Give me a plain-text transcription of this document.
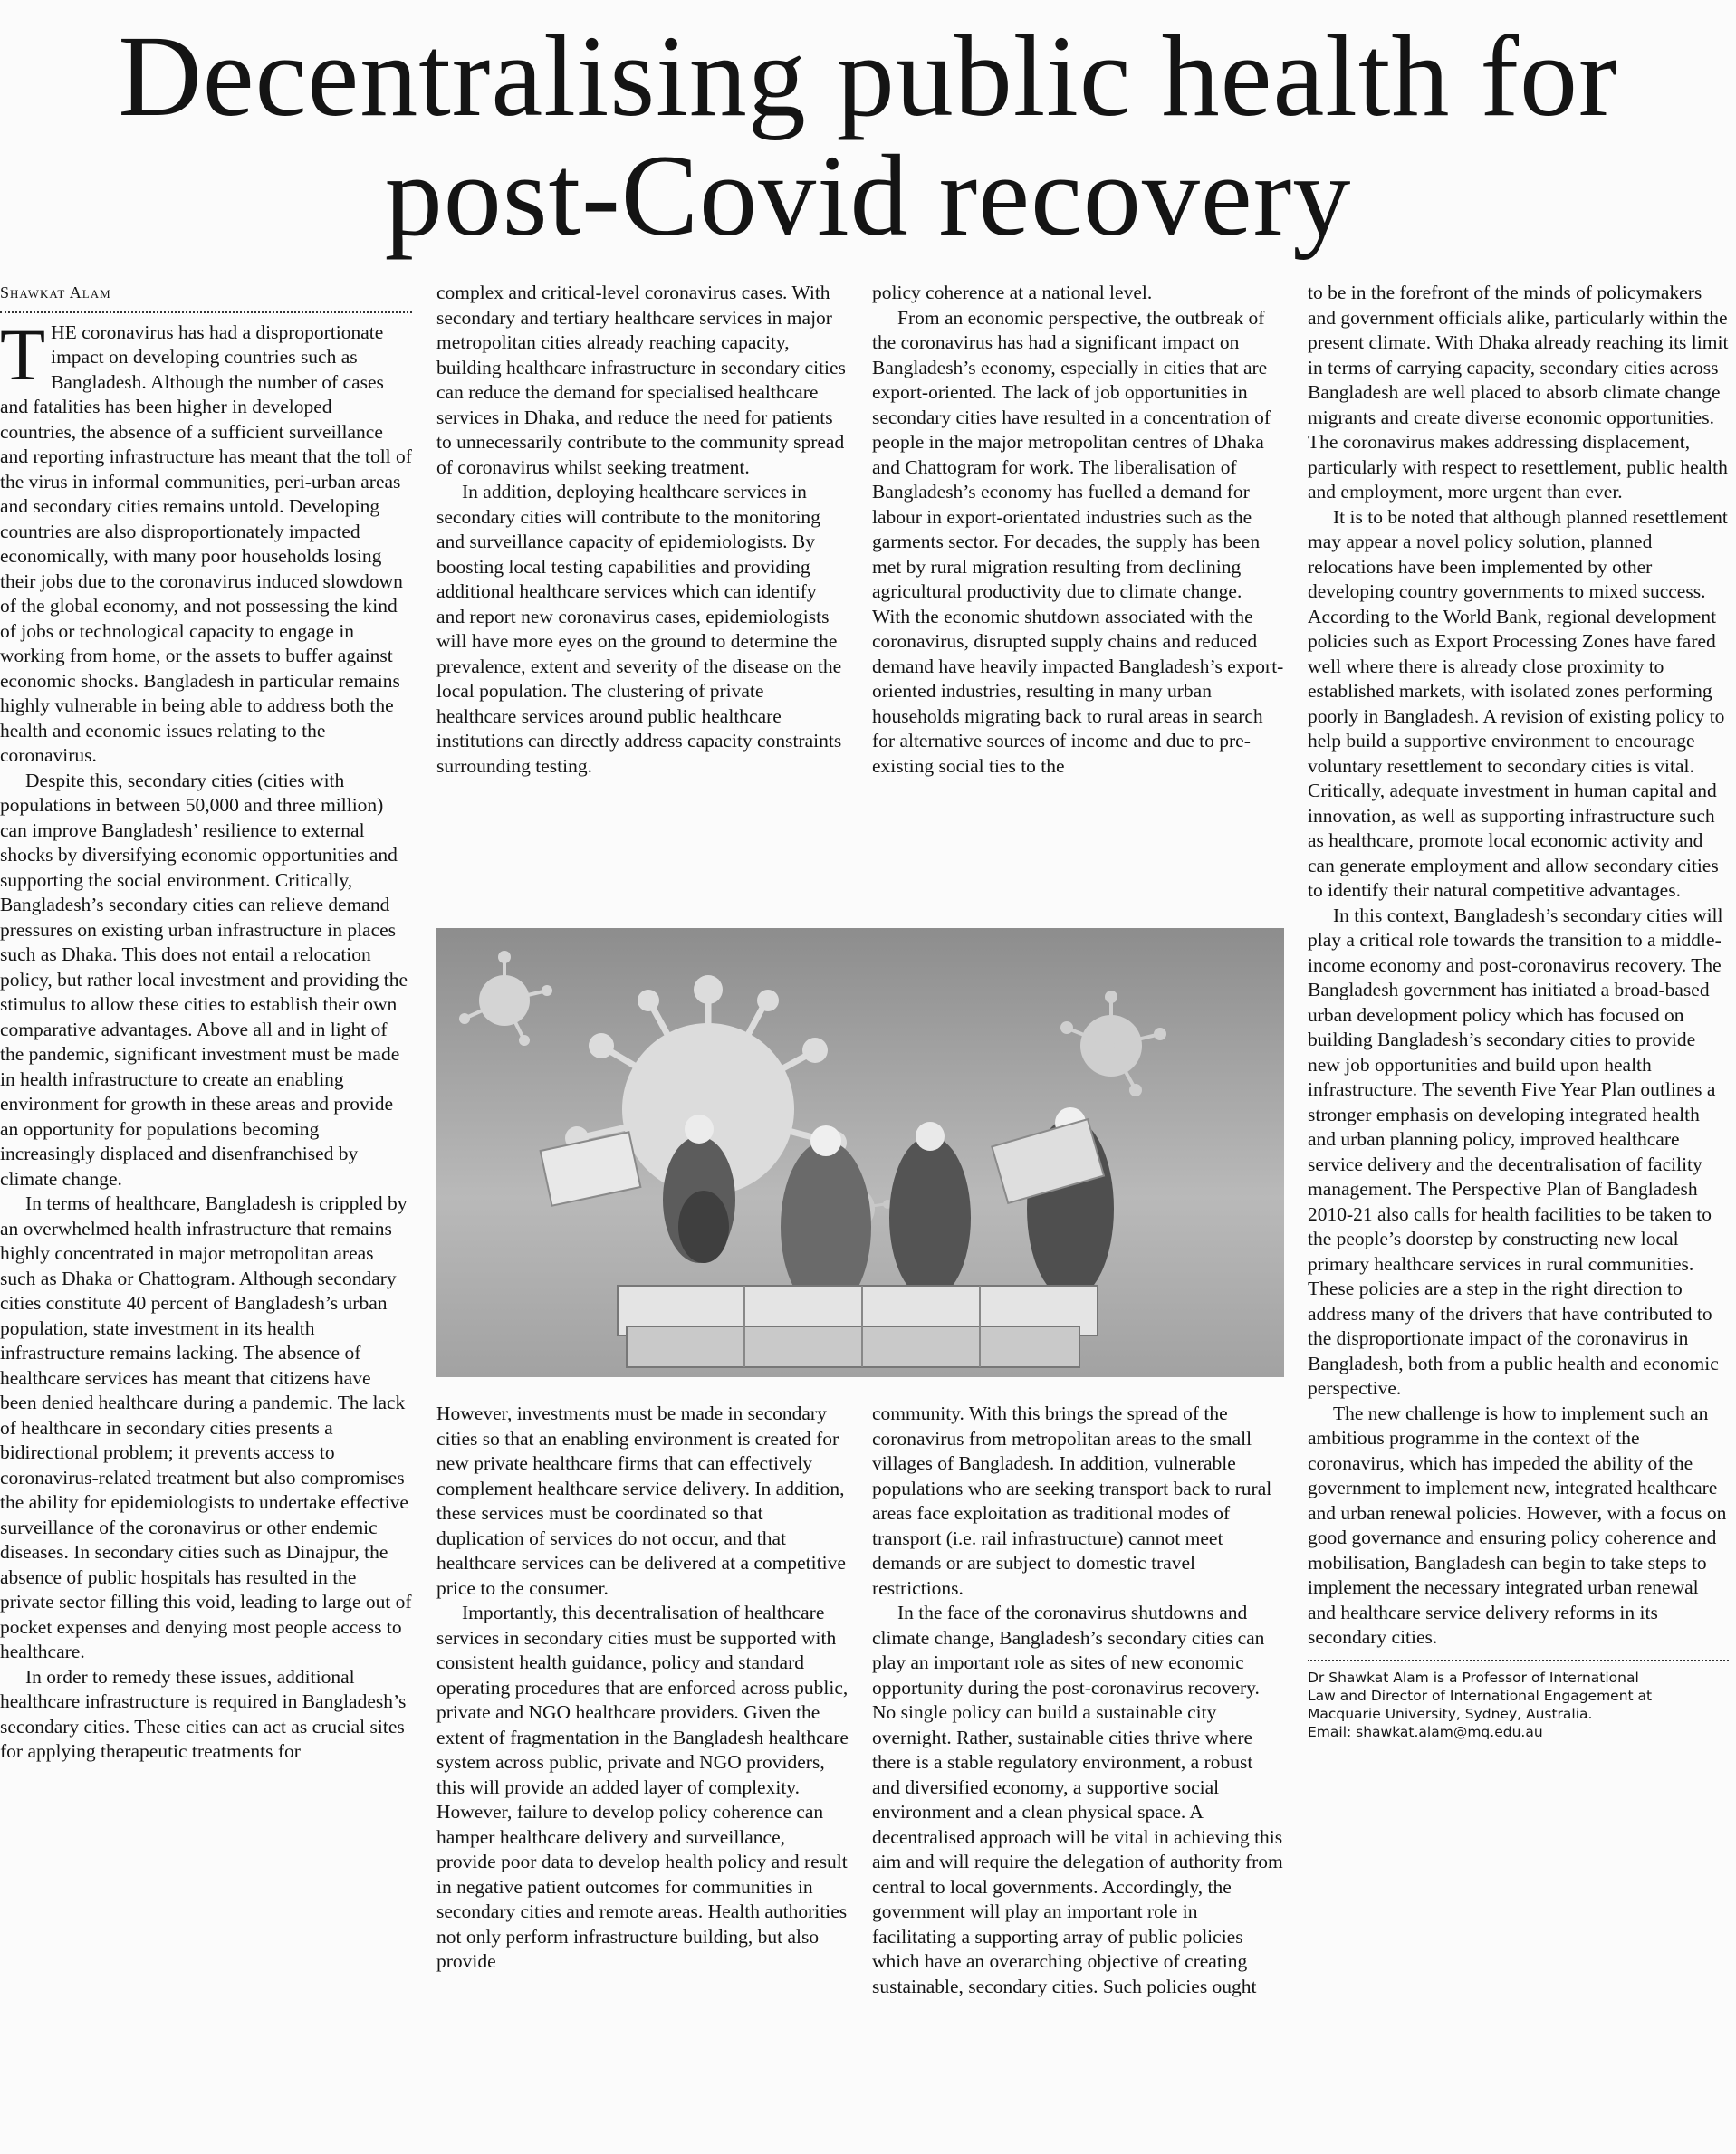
Decentralising public health for
post-Covid recovery
Shawkat Alam

THE coronavirus has had a disproportionate impact on developing countries such as Bangladesh. Although the number of cases and fatalities has been higher in developed countries, the absence of a sufficient surveillance and reporting infrastructure has meant that the toll of the virus in informal communities, peri-urban areas and secondary cities remains untold. Developing countries are also disproportionately impacted economically, with many poor households losing their jobs due to the coronavirus induced slowdown of the global economy, and not possessing the kind of jobs or technological capacity to engage in working from home, or the assets to buffer against economic shocks. Bangladesh in particular remains highly vulnerable in being able to address both the health and economic issues relating to the coronavirus.

Despite this, secondary cities (cities with populations in between 50,000 and three million) can improve Bangladesh’ resilience to external shocks by diversifying economic opportunities and supporting the social environment. Critically, Bangladesh’s secondary cities can relieve demand pressures on existing urban infrastructure in places such as Dhaka. This does not entail a relocation policy, but rather local investment and providing the stimulus to allow these cities to establish their own comparative advantages. Above all and in light of the pandemic, significant investment must be made in health infrastructure to create an enabling environment for growth in these areas and provide an opportunity for populations becoming increasingly displaced and disenfranchised by climate change.

In terms of healthcare, Bangladesh is crippled by an overwhelmed health infrastructure that remains highly concentrated in major metropolitan areas such as Dhaka or Chattogram. Although secondary cities constitute 40 percent of Bangladesh’s urban population, state investment in its health infrastructure remains lacking. The absence of healthcare services has meant that citizens have been denied healthcare during a pandemic. The lack of healthcare in secondary cities presents a bidirectional problem; it prevents access to coronavirus-related treatment but also compromises the ability for epidemiologists to undertake effective surveillance of the coronavirus or other endemic diseases. In secondary cities such as Dinajpur, the absence of public hospitals has resulted in the private sector filling this void, leading to large out of pocket expenses and denying most people access to healthcare.

In order to remedy these issues, additional healthcare infrastructure is required in Bangladesh’s secondary cities. These cities can act as crucial sites for applying therapeutic treatments for

complex and critical-level coronavirus cases. With secondary and tertiary healthcare services in major metropolitan cities already reaching capacity, building healthcare infrastructure in secondary cities can reduce the demand for specialised healthcare services in Dhaka, and reduce the need for patients to unnecessarily contribute to the community spread of coronavirus whilst seeking treatment.

In addition, deploying healthcare services in secondary cities will contribute to the monitoring and surveillance capacity of epidemiologists. By boosting local testing capabilities and providing additional healthcare services which can identify and report new coronavirus cases, epidemiologists will have more eyes on the ground to determine the prevalence, extent and severity of the disease on the local population. The clustering of private healthcare services around public healthcare institutions can directly address capacity constraints surrounding testing.

policy coherence at a national level.

From an economic perspective, the outbreak of the coronavirus has had a significant impact on Bangladesh’s economy, especially in cities that are export-oriented. The lack of job opportunities in secondary cities have resulted in a concentration of people in the major metropolitan centres of Dhaka and Chattogram for work. The liberalisation of Bangladesh’s economy has fuelled a demand for labour in export-orientated industries such as the garments sector. For decades, the supply has been met by rural migration resulting from declining agricultural productivity due to climate change. With the economic shutdown associated with the coronavirus, disrupted supply chains and reduced demand have heavily impacted Bangladesh’s export-oriented industries, resulting in many urban households migrating back to rural areas in search for alternative sources of income and due to pre-existing social ties to the

to be in the forefront of the minds of policymakers and government officials alike, particularly within the present climate. With Dhaka already reaching its limit in terms of carrying capacity, secondary cities across Bangladesh are well placed to absorb climate change migrants and create diverse economic opportunities. The coronavirus makes addressing displacement, particularly with respect to resettlement, public health and employment, more urgent than ever.

It is to be noted that although planned resettlement may appear a novel policy solution, planned relocations have been implemented by other developing country governments to mixed success. According to the World Bank, regional development policies such as Export Processing Zones have fared well where there is already close proximity to established markets, with isolated zones performing poorly in Bangladesh. A revision of existing policy to help build a supportive environment to encourage voluntary resettlement to secondary cities is vital. Critically, adequate investment in human capital and innovation, as well as supporting infrastructure such as healthcare, promote local economic activity and can generate employment and allow secondary cities to identify their natural competitive advantages.

In this context, Bangladesh’s secondary cities will play a critical role towards the transition to a middle-income economy and post-coronavirus recovery. The Bangladesh government has initiated a broad-based urban development policy which has focused on building Bangladesh’s secondary cities to provide new job opportunities and build upon health infrastructure. The seventh Five Year Plan outlines a stronger emphasis on developing integrated health and urban planning policy, improved healthcare service delivery and the decentralisation of facility management. The Perspective Plan of Bangladesh 2010-21 also calls for health facilities to be taken to the people’s doorstep by constructing new local primary healthcare services in rural communities. These policies are a step in the right direction to address many of the drivers that have contributed to the disproportionate impact of the coronavirus in Bangladesh, both from a public health and economic perspective.

The new challenge is how to implement such an ambitious programme in the context of the coronavirus, which has impeded the ability of the government to implement new, integrated healthcare and urban renewal policies. However, with a focus on good governance and ensuring policy coherence and mobilisation, Bangladesh can begin to take steps to implement the necessary integrated urban renewal and healthcare service delivery reforms in its secondary cities.

Dr Shawkat Alam is a Professor of International
Law and Director of International Engagement at
Macquarie University, Sydney, Australia.
Email: shawkat.alam@mq.edu.au

However, investments must be made in secondary cities so that an enabling environment is created for new private healthcare firms that can effectively complement healthcare service delivery. In addition, these services must be coordinated so that duplication of services do not occur, and that healthcare services can be delivered at a competitive price to the consumer.

Importantly, this decentralisation of healthcare services in secondary cities must be supported with consistent health guidance, policy and standard operating procedures that are enforced across public, private and NGO healthcare providers. Given the extent of fragmentation in the Bangladesh healthcare system across public, private and NGO providers, this will provide an added layer of complexity. However, failure to develop policy coherence can hamper healthcare delivery and surveillance, provide poor data to develop health policy and result in negative patient outcomes for communities in secondary cities and remote areas. Health authorities not only perform infrastructure building, but also provide

community. With this brings the spread of the coronavirus from metropolitan areas to the small villages of Bangladesh. In addition, vulnerable populations who are seeking transport back to rural areas face exploitation as traditional modes of transport (i.e. rail infrastructure) cannot meet demands or are subject to domestic travel restrictions.

In the face of the coronavirus shutdowns and climate change, Bangladesh’s secondary cities can play an important role as sites of new economic opportunity during the post-coronavirus recovery. No single policy can build a sustainable city overnight. Rather, sustainable cities thrive where there is a stable regulatory environment, a robust and diversified economy, a supportive social environment and a clean physical space. A decentralised approach will be vital in achieving this aim and will require the delegation of authority from central to local governments. Accordingly, the government will play an important role in facilitating a supporting array of public policies which have an overarching objective of creating sustainable, secondary cities. Such policies ought
